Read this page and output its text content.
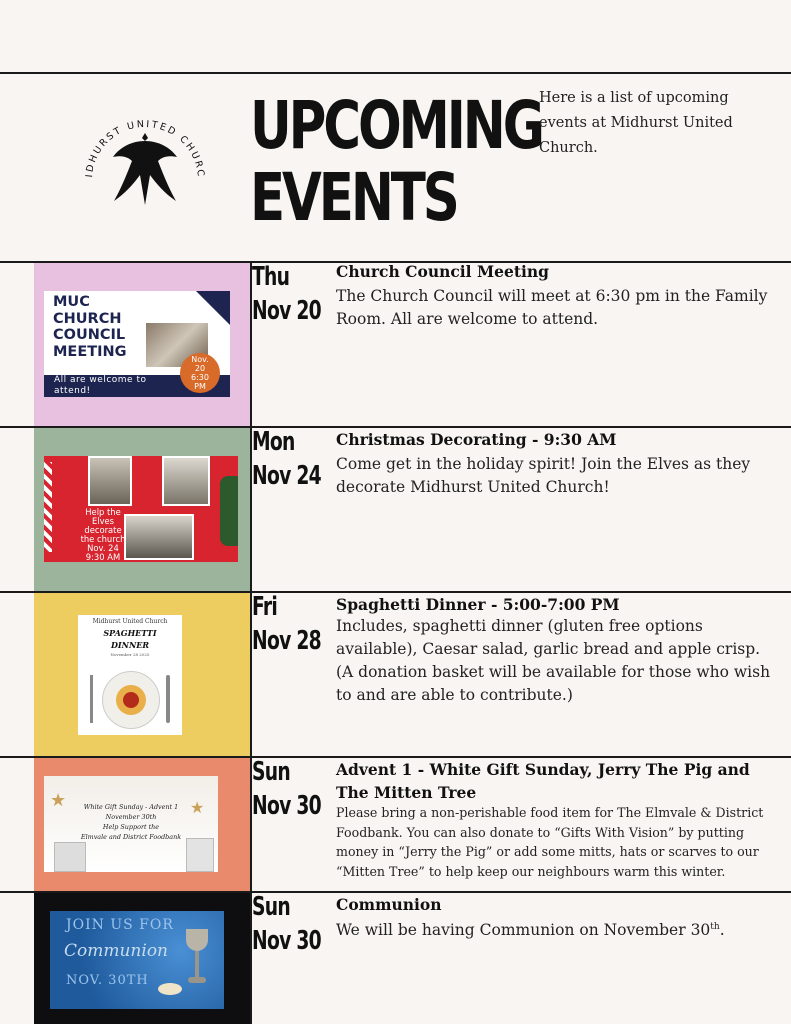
IDHURST UNITED CHURC
UPCOMING
EVENTS
Here is a list of upcoming events at Midhurst United Church.
MUC
CHURCH
COUNCIL
MEETING
All are welcome to attend!
Nov.
20
6:30
PM
Thu
Nov 20
Church Council Meeting
The Church Council will meet at 6:30 pm in the Family Room. All are welcome to attend.
Help the
Elves
decorate
the church
Nov. 24
9:30 AM
Mon
Nov 24
Christmas Decorating - 9:30 AM
Come get in the holiday spirit! Join the Elves as they decorate Midhurst United Church!
Midhurst United Church
SPAGHETTI
DINNER
November 28 2025
Fri
Nov 28
Spaghetti Dinner - 5:00-7:00 PM
Includes, spaghetti dinner (gluten free options available), Caesar salad, garlic bread and apple crisp. (A donation basket will be available for those who wish to and are able to contribute.)
★	★
White Gift Sunday - Advent 1
November 30th
Help Support the
Elmvale and District Foodbank
Sun
Nov 30
Advent 1 - White Gift Sunday, Jerry The Pig and The Mitten Tree
Please bring a non-perishable food item for The Elmvale & District Foodbank. You can also donate to “Gifts With Vision” by putting money in “Jerry the Pig” or add some mitts, hats or scarves to our “Mitten Tree” to help keep our neighbours warm this winter.
JOIN US FOR
Communion
NOV. 30TH
Sun
Nov 30
Communion
We will be having Communion on November 30th.
